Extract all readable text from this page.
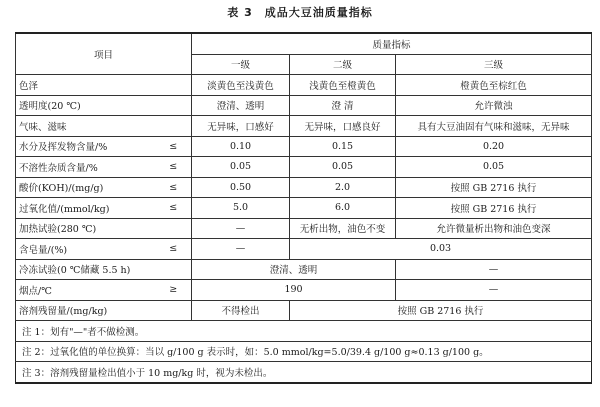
表 3　成品大豆油质量指标
项目		质量指标		
		一级	二级	三级
色泽		淡黄色至浅黄色	浅黄色至橙黄色	橙黄色至棕红色
透明度(20 ℃)		澄清、透明	澄 清	允许微浊
气味、滋味		无异味，口感好	无异味，口感良好	具有大豆油固有气味和滋味，无异味
水分及挥发物含量/%	≤	0.10	0.15	0.20
不溶性杂质含量/%	≤	0.05	0.05	0.05
酸价(KOH)/(mg/g)	≤	0.50	2.0	按照 GB 2716 执行
过氧化值/(mmol/kg)	≤	5.0	6.0	按照 GB 2716 执行
加热试验(280 ℃)		—	无析出物，油色不变	允许微量析出物和油色变深
含皂量/(%)	≤	—	0.03	
冷冻试验(0 ℃储藏 5.5 h)		澄清、透明		—
烟点/℃	≥	190		—
溶剂残留量/(mg/kg)		不得检出	按照 GB 2716 执行	
注 1：划有"—"者不做检测。				
注 2：过氧化值的单位换算：当以 g/100 g 表示时，如：5.0 mmol/kg=5.0/39.4 g/100 g≈0.13 g/100 g。				
注 3：溶剂残留量检出值小于 10 mg/kg 时，视为未检出。				
